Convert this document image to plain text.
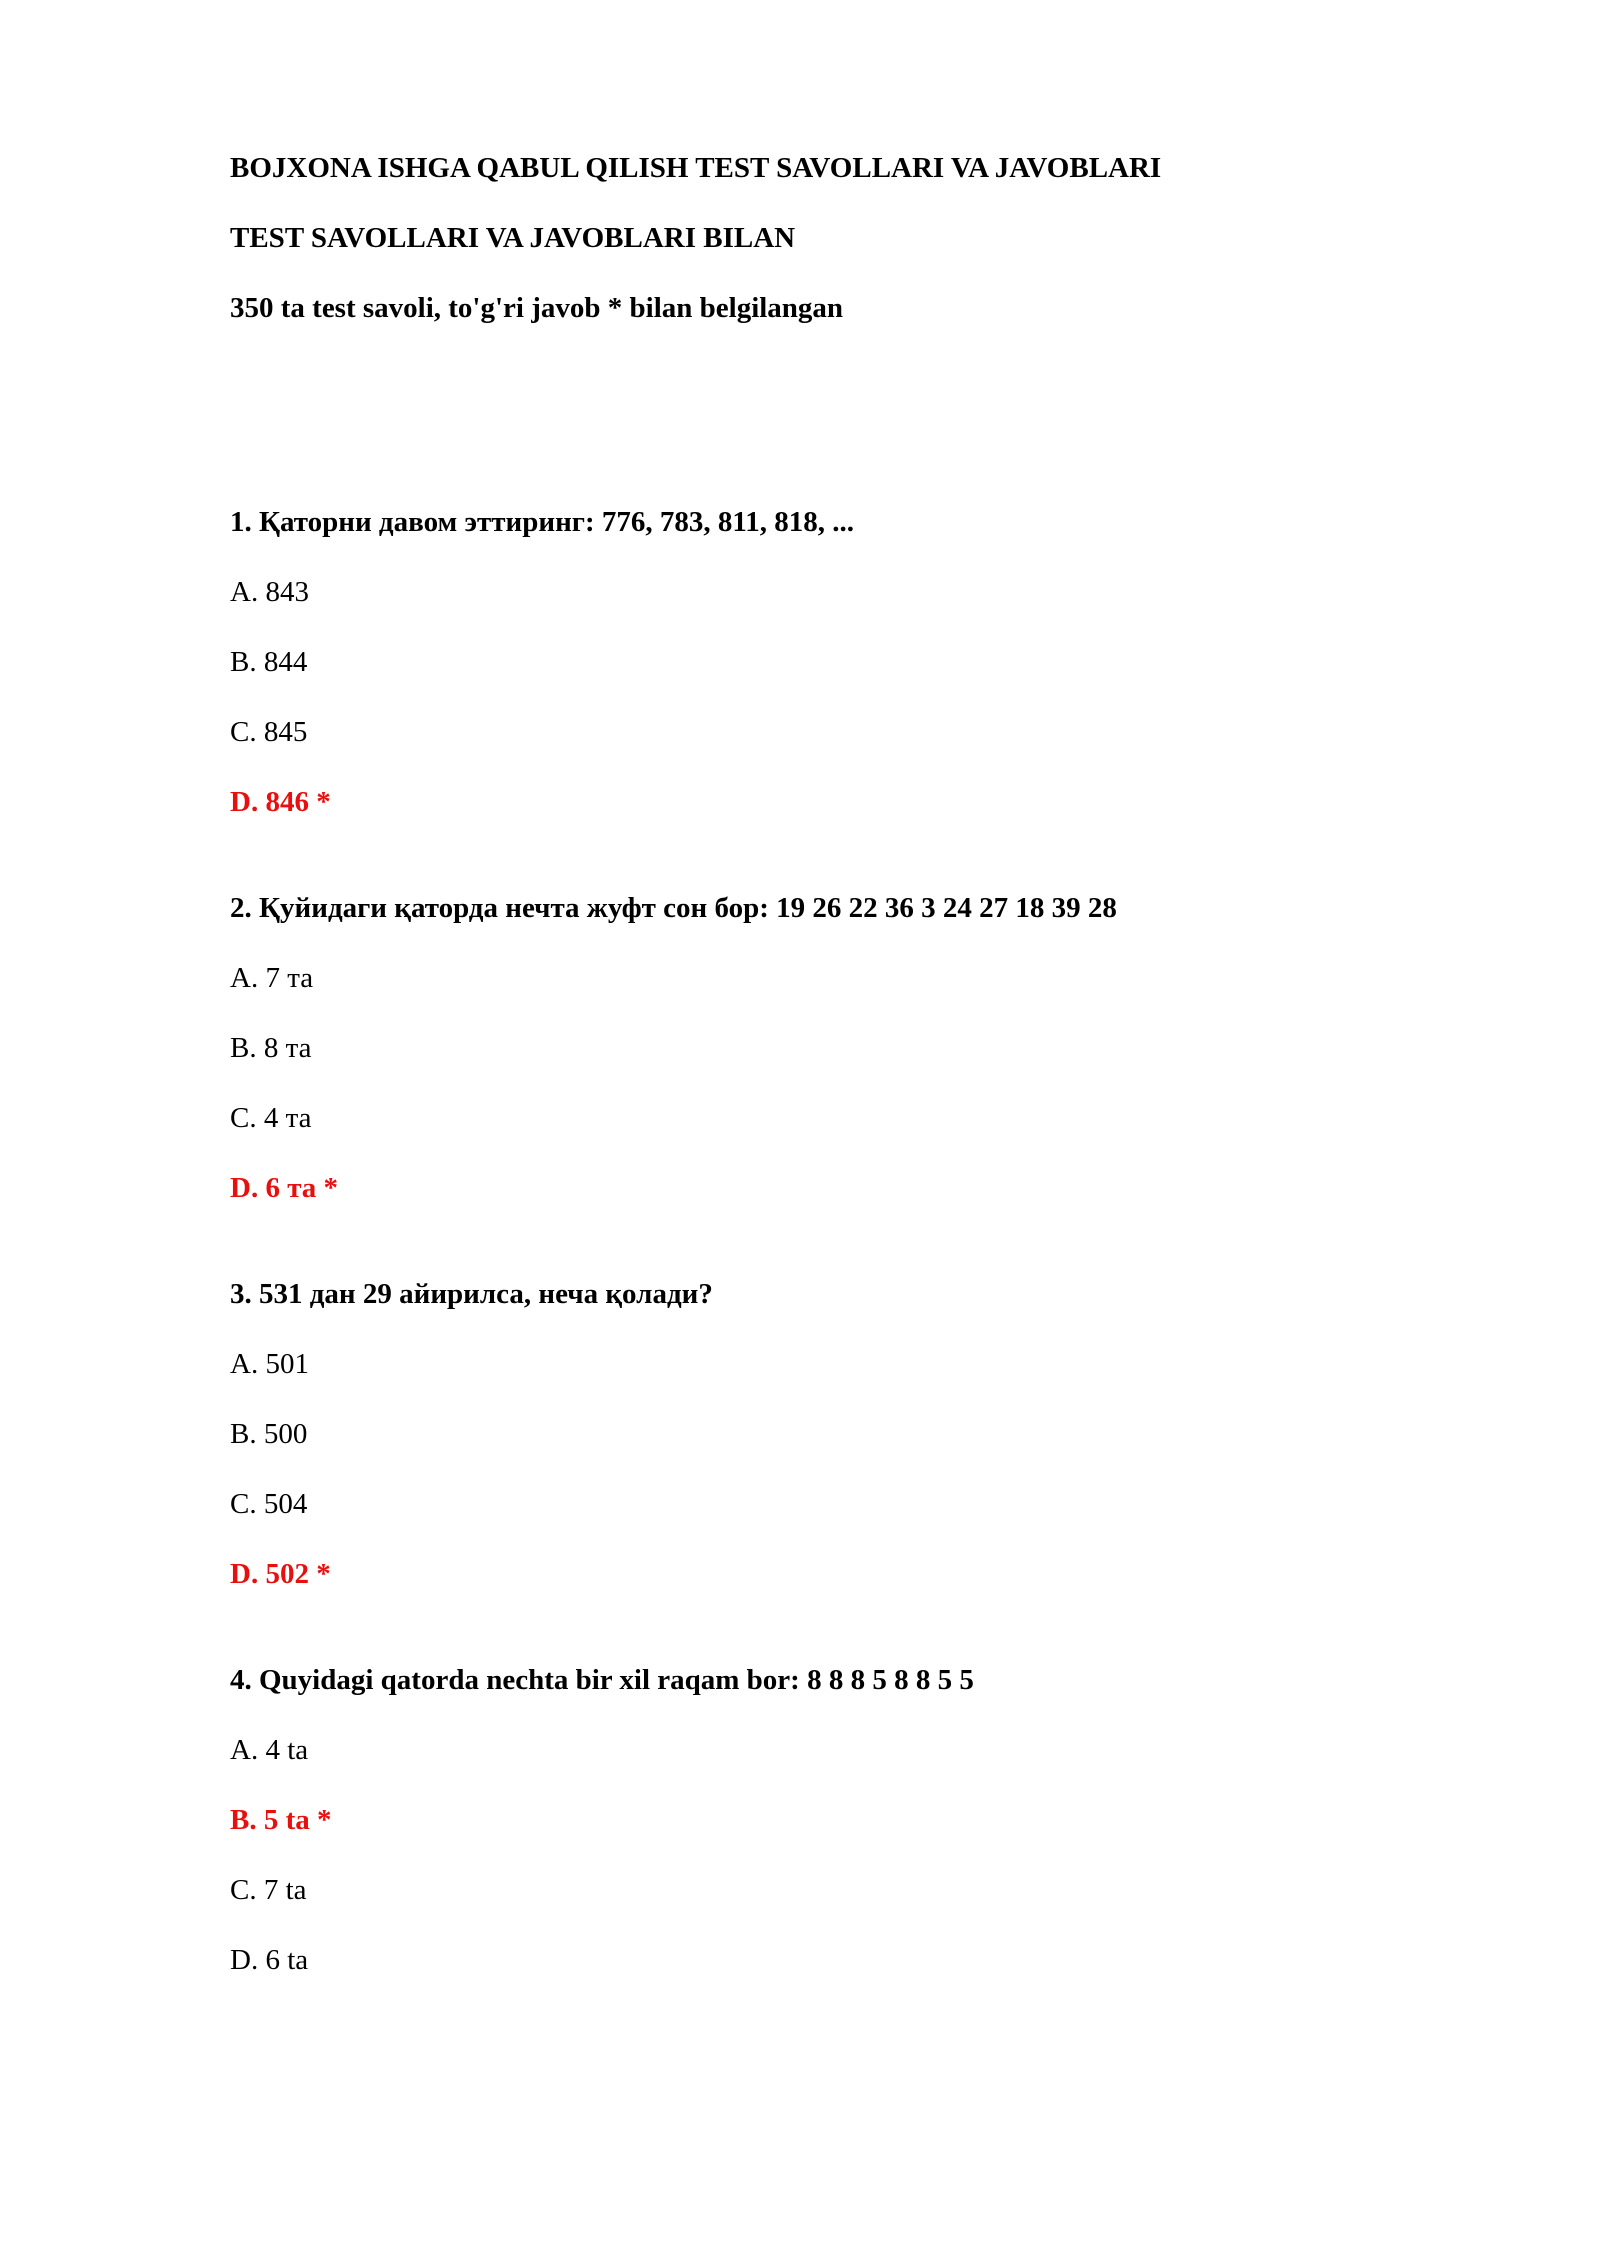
BOJXONA ISHGA QABUL QILISH TEST SAVOLLARI VA JAVOBLARI
TEST SAVOLLARI VA JAVOBLARI BILAN
350 ta test savoli, to'g'ri javob * bilan belgilangan
1. Қаторни давом эттиринг: 776, 783, 811, 818, ...
A. 843
B. 844
C. 845
D. 846 *
2. Қуйидаги қаторда нечта жуфт сон бор: 19 26 22 36 3 24 27 18 39 28
A. 7 та
B. 8 та
C. 4 та
D. 6 та *
3. 531 дан 29 айирилса, неча қолади?
A. 501
B. 500
C. 504
D. 502 *
4. Quyidagi qatorda nechta bir xil raqam bor: 8 8 8 5 8 8 5 5
A. 4 ta
B. 5 ta *
C. 7 ta
D. 6 ta
